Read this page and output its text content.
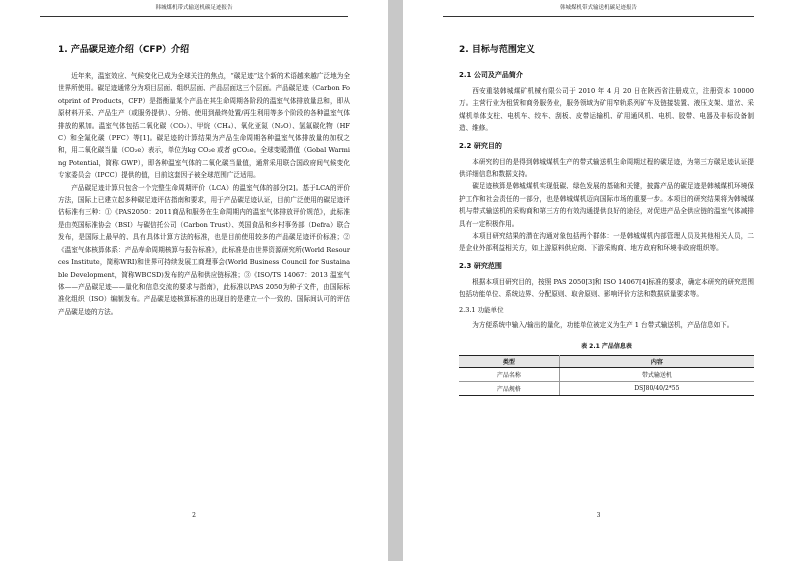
韩城煤机带式输送机碳足迹报告
1. 产品碳足迹介绍（CFP）介绍

近年来，温室效应、气候变化已成为全球关注的焦点，“碳足迹”这个新的术语越来越广泛地为全世界所使用。碳足迹通常分为项目层面、组织层面、产品层面这三个层面。产品碳足迹（Carbon Footprint of Products，CFP）是指衡量某个产品在其生命周期各阶段的温室气体排放量总和，即从原材料开采、产品生产（或服务提供）、分销、使用到最终处置/再生利用等多个阶段的各种温室气体排放的累加。温室气体包括二氧化碳（CO₂）、甲烷（CH₄）、氧化亚氮（N₂O）、氢氟碳化物（HFC）和全氟化碳（PFC）等[1]。碳足迹的计算结果为产品生命周期各种温室气体排放量的加权之和，用二氧化碳当量（CO₂e）表示，单位为kg CO₂e 或者 gCO₂e。全球变暖潜值（Gobal Warming Potential，简称 GWP），即各种温室气体的二氧化碳当量值，通常采用联合国政府间气候变化专家委员会（IPCC）提供的值，目前这套因子被全球范围广泛适用。

产品碳足迹计算只包含一个完整生命周期评价（LCA）的温室气体的部分[2]。基于LCA的评价方法，国际上已建立起多种碳足迹评估指南和要求，用于产品碳足迹认证，目前广泛使用的碳足迹评估标准有三种：①《PAS2050：2011商品和服务在生命周期内的温室气体排放评价规范》，此标准是由英国标准协会（BSI）与碳信托公司（Carbon Trust）、英国食品和乡村事务部（Defra）联合发布，是国际上最早的、具有具体计算方法的标准，也是目前使用较多的产品碳足迹评价标准；②《温室气体核算体系：产品寿命周期核算与报告标准》，此标准是由世界资源研究所(World Resources Institute，简称WRI)和世界可持续发展工商理事会(World Business Council for Sustainable Development，简称WBCSD)发布的产品和供应链标准；③《ISO/TS 14067：2013 温室气体——产品碳足迹——量化和信息交流的要求与指南》，此标准以PAS 2050为种子文件，由国际标准化组织（ISO）编制发布。产品碳足迹核算标准的出现目的是建立一个一致的、国际间认可的评估产品碳足迹的方法。

2
韩城煤机带式输送机碳足迹报告
2. 目标与范围定义
2.1 公司及产品简介

西安重装韩城煤矿机械有限公司于 2010 年 4 月 20 日在陕西省注册成立，注册资本 10000 万。主营行业为租赁和商务服务业，服务领域为矿用窄轨系列矿车及链接装置、液压支架、道岔、采煤机单体支柱、电机车、绞车、刮板、皮带运输机、矿用通风机、电机、胶带、电器及非标设备制造、维修。

2.2 研究目的

本研究的目的是得到韩城煤机生产的带式输送机生命周期过程的碳足迹，为第三方碳足迹认证提供详细信息和数据支持。

碳足迹核算是韩城煤机实现低碳、绿色发展的基础和关键，披露产品的碳足迹是韩城煤机环境保护工作和社会责任的一部分，也是韩城煤机迈向国际市场的重要一步。本项目的研究结果将为韩城煤机与带式输送机的采购商和第三方的有效沟通提供良好的途径，对促进产品全供应链的温室气体减排具有一定积极作用。

本项目研究结果的潜在沟通对象包括两个群体：一是韩城煤机内部管理人员及其他相关人员，二是企业外部利益相关方，如上游原料供应商、下游采购商、地方政府和环境非政府组织等。

2.3 研究范围

根据本项目研究目的，按照 PAS 2050[3]和 ISO 14067[4]标准的要求，确定本研究的研究范围包括功能单位、系统边界、分配原则、取舍原则、影响评价方法和数据质量要求等。

2.3.1 功能单位

为方便系统中输入/输出的量化，功能单位被定义为生产 1 台带式输送机，产品信息如下。

表 2.1 产品信息表
类型	内容
产品名称	带式输送机
产品规格	DSJ80/40/2*55
3
